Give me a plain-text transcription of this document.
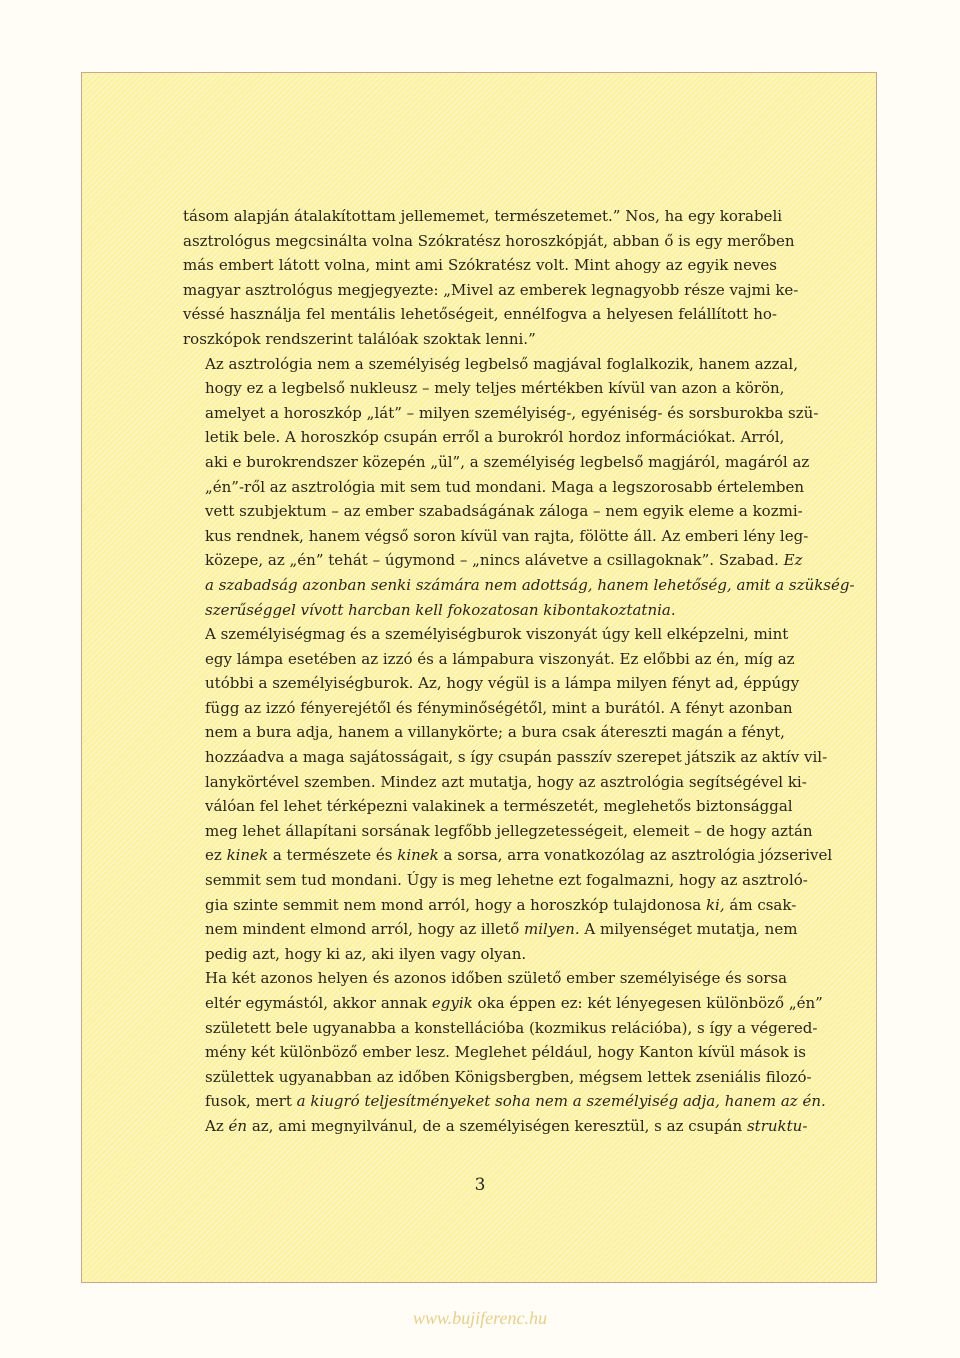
tásom alapján átalakítottam jellememet, természetemet.” Nos, ha egy korabeli
asztrológus megcsinálta volna Szókratész horoszkópját, abban ő is egy merőben
más embert látott volna, mint ami Szókratész volt. Mint ahogy az egyik neves
magyar asztrológus megjegyezte: „Mivel az emberek legnagyobb része vajmi ke-
véssé használja fel mentális lehetőségeit, ennélfogva a helyesen felállított ho-
roszkópok rendszerint találóak szoktak lenni.”

Az asztrológia nem a személyiség legbelső magjával foglalkozik, hanem azzal,
hogy ez a legbelső nukleusz – mely teljes mértékben kívül van azon a körön,
amelyet a horoszkóp „lát” – milyen személyiség-, egyéniség- és sorsburokba szü-
letik bele. A horoszkóp csupán erről a burokról hordoz információkat. Arról,
aki e burokrendszer közepén „ül”, a személyiség legbelső magjáról, magáról az
„én”-ről az asztrológia mit sem tud mondani. Maga a legszorosabb értelemben
vett szubjektum – az ember szabadságának záloga – nem egyik eleme a kozmi-
kus rendnek, hanem végső soron kívül van rajta, fölötte áll. Az emberi lény leg-
közepe, az „én” tehát – úgymond – „nincs alávetve a csillagoknak”. Szabad. Ez
a szabadság azonban senki számára nem adottság, hanem lehetőség, amit a szükség-
szerűséggel vívott harcban kell fokozatosan kibontakoztatnia.

A személyiségmag és a személyiségburok viszonyát úgy kell elképzelni, mint
egy lámpa esetében az izzó és a lámpabura viszonyát. Ez előbbi az én, míg az
utóbbi a személyiségburok. Az, hogy végül is a lámpa milyen fényt ad, éppúgy
függ az izzó fényerejétől és fényminőségétől, mint a burától. A fényt azonban
nem a bura adja, hanem a villanykörte; a bura csak átereszti magán a fényt,
hozzáadva a maga sajátosságait, s így csupán passzív szerepet játszik az aktív vil-
lanykörtével szemben. Mindez azt mutatja, hogy az asztrológia segítségével ki-
válóan fel lehet térképezni valakinek a természetét, meglehetős biztonsággal
meg lehet állapítani sorsának legfőbb jellegzetességeit, elemeit – de hogy aztán
ez kinek a természete és kinek a sorsa, arra vonatkozólag az asztrológia józserivel
semmit sem tud mondani. Úgy is meg lehetne ezt fogalmazni, hogy az asztroló-
gia szinte semmit nem mond arról, hogy a horoszkóp tulajdonosa ki, ám csak-
nem mindent elmond arról, hogy az illető milyen. A milyenséget mutatja, nem
pedig azt, hogy ki az, aki ilyen vagy olyan.

Ha két azonos helyen és azonos időben születő ember személyisége és sorsa
eltér egymástól, akkor annak egyik oka éppen ez: két lényegesen különböző „én”
született bele ugyanabba a konstellációba (kozmikus relációba), s így a végered-
mény két különböző ember lesz. Meglehet például, hogy Kanton kívül mások is
születtek ugyanabban az időben Königsbergben, mégsem lettek zseniális filozó-
fusok, mert a kiugró teljesítményeket soha nem a személyiség adja, hanem az én.
Az én az, ami megnyilvánul, de a személyiségen keresztül, s az csupán struktu-

3
www.bujiferenc.hu
